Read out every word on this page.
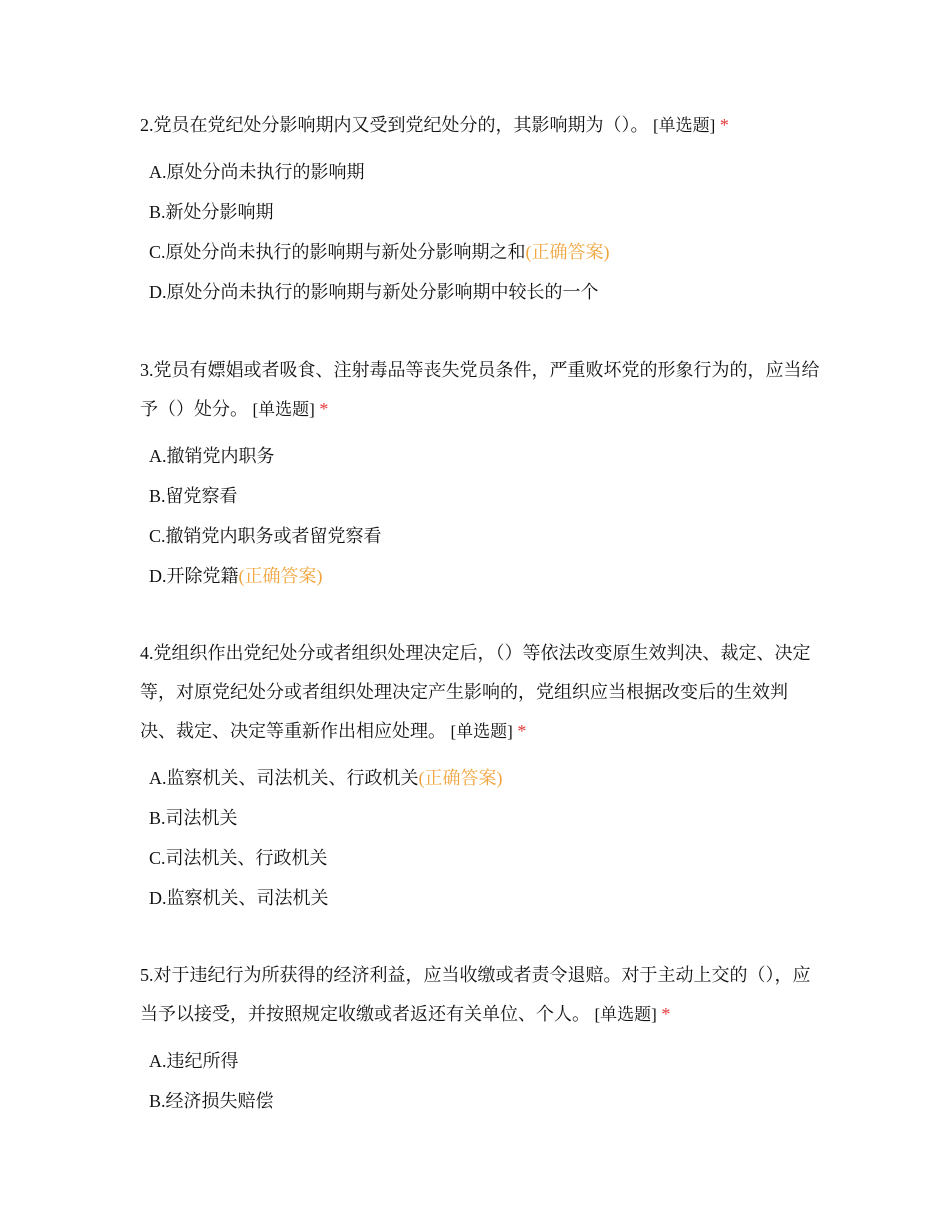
2.党员在党纪处分影响期内又受到党纪处分的，其影响期为（）。 [单选题] *

A.原处分尚未执行的影响期
B.新处分影响期
C.原处分尚未执行的影响期与新处分影响期之和(正确答案)
D.原处分尚未执行的影响期与新处分影响期中较长的一个

3.党员有嫖娼或者吸食、注射毒品等丧失党员条件，严重败坏党的形象行为的，应当给予（）处分。 [单选题] *

A.撤销党内职务
B.留党察看
C.撤销党内职务或者留党察看
D.开除党籍(正确答案)

4.党组织作出党纪处分或者组织处理决定后，（）等依法改变原生效判决、裁定、决定等，对原党纪处分或者组织处理决定产生影响的，党组织应当根据改变后的生效判决、裁定、决定等重新作出相应处理。 [单选题] *

A.监察机关、司法机关、行政机关(正确答案)
B.司法机关
C.司法机关、行政机关
D.监察机关、司法机关

5.对于违纪行为所获得的经济利益，应当收缴或者责令退赔。对于主动上交的（），应当予以接受，并按照规定收缴或者返还有关单位、个人。 [单选题] *

A.违纪所得
B.经济损失赔偿
